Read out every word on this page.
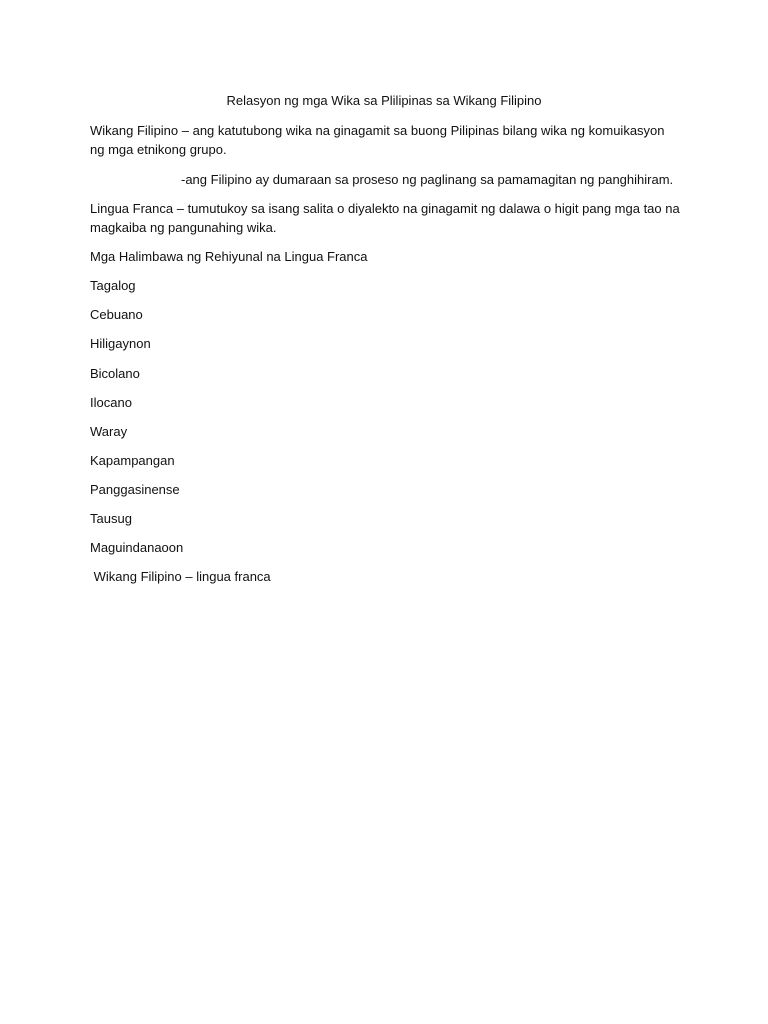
Relasyon ng mga Wika sa Plilipinas sa Wikang Filipino
Wikang Filipino – ang katutubong wika na ginagamit sa buong Pilipinas bilang wika ng komuikasyon ng mga etnikong grupo.
-ang Filipino ay dumaraan sa proseso ng paglinang sa pamamagitan ng panghihiram.
Lingua Franca – tumutukoy sa isang salita o diyalekto na ginagamit ng dalawa o higit pang mga tao na magkaiba ng pangunahing wika.
Mga Halimbawa ng Rehiyunal na Lingua Franca
Tagalog
Cebuano
Hiligaynon
Bicolano
Ilocano
Waray
Kapampangan
Panggasinense
Tausug
Maguindanaoon
Wikang Filipino – lingua franca
